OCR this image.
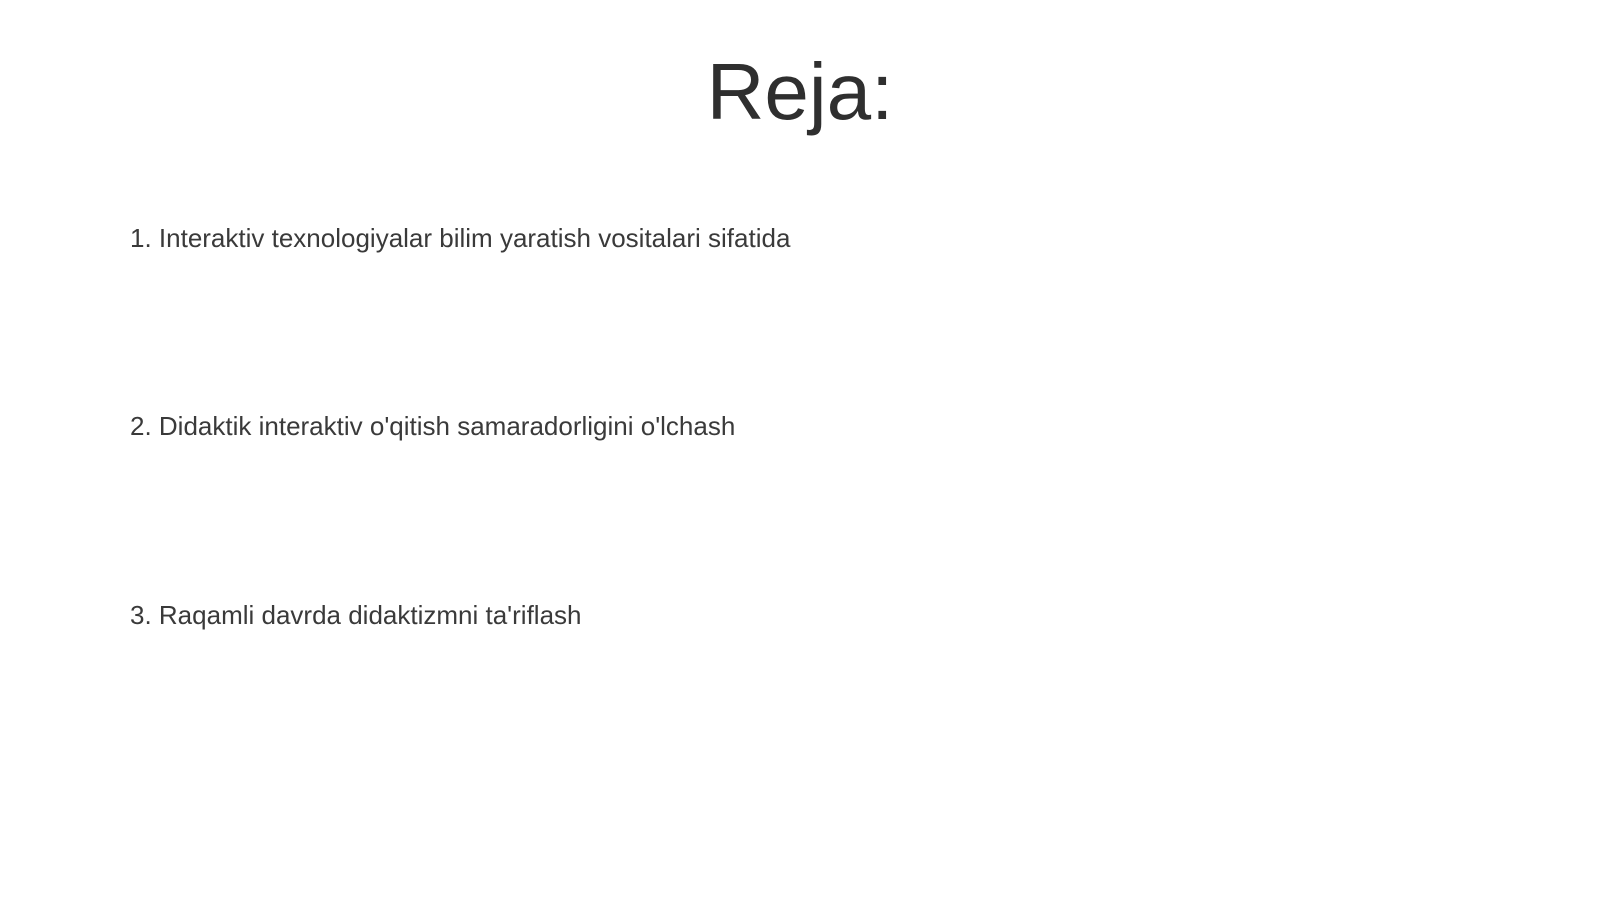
Reja:
1. Interaktiv texnologiyalar bilim yaratish vositalari sifatida
2. Didaktik interaktiv o'qitish samaradorligini o'lchash
3. Raqamli davrda didaktizmni ta'riflash
